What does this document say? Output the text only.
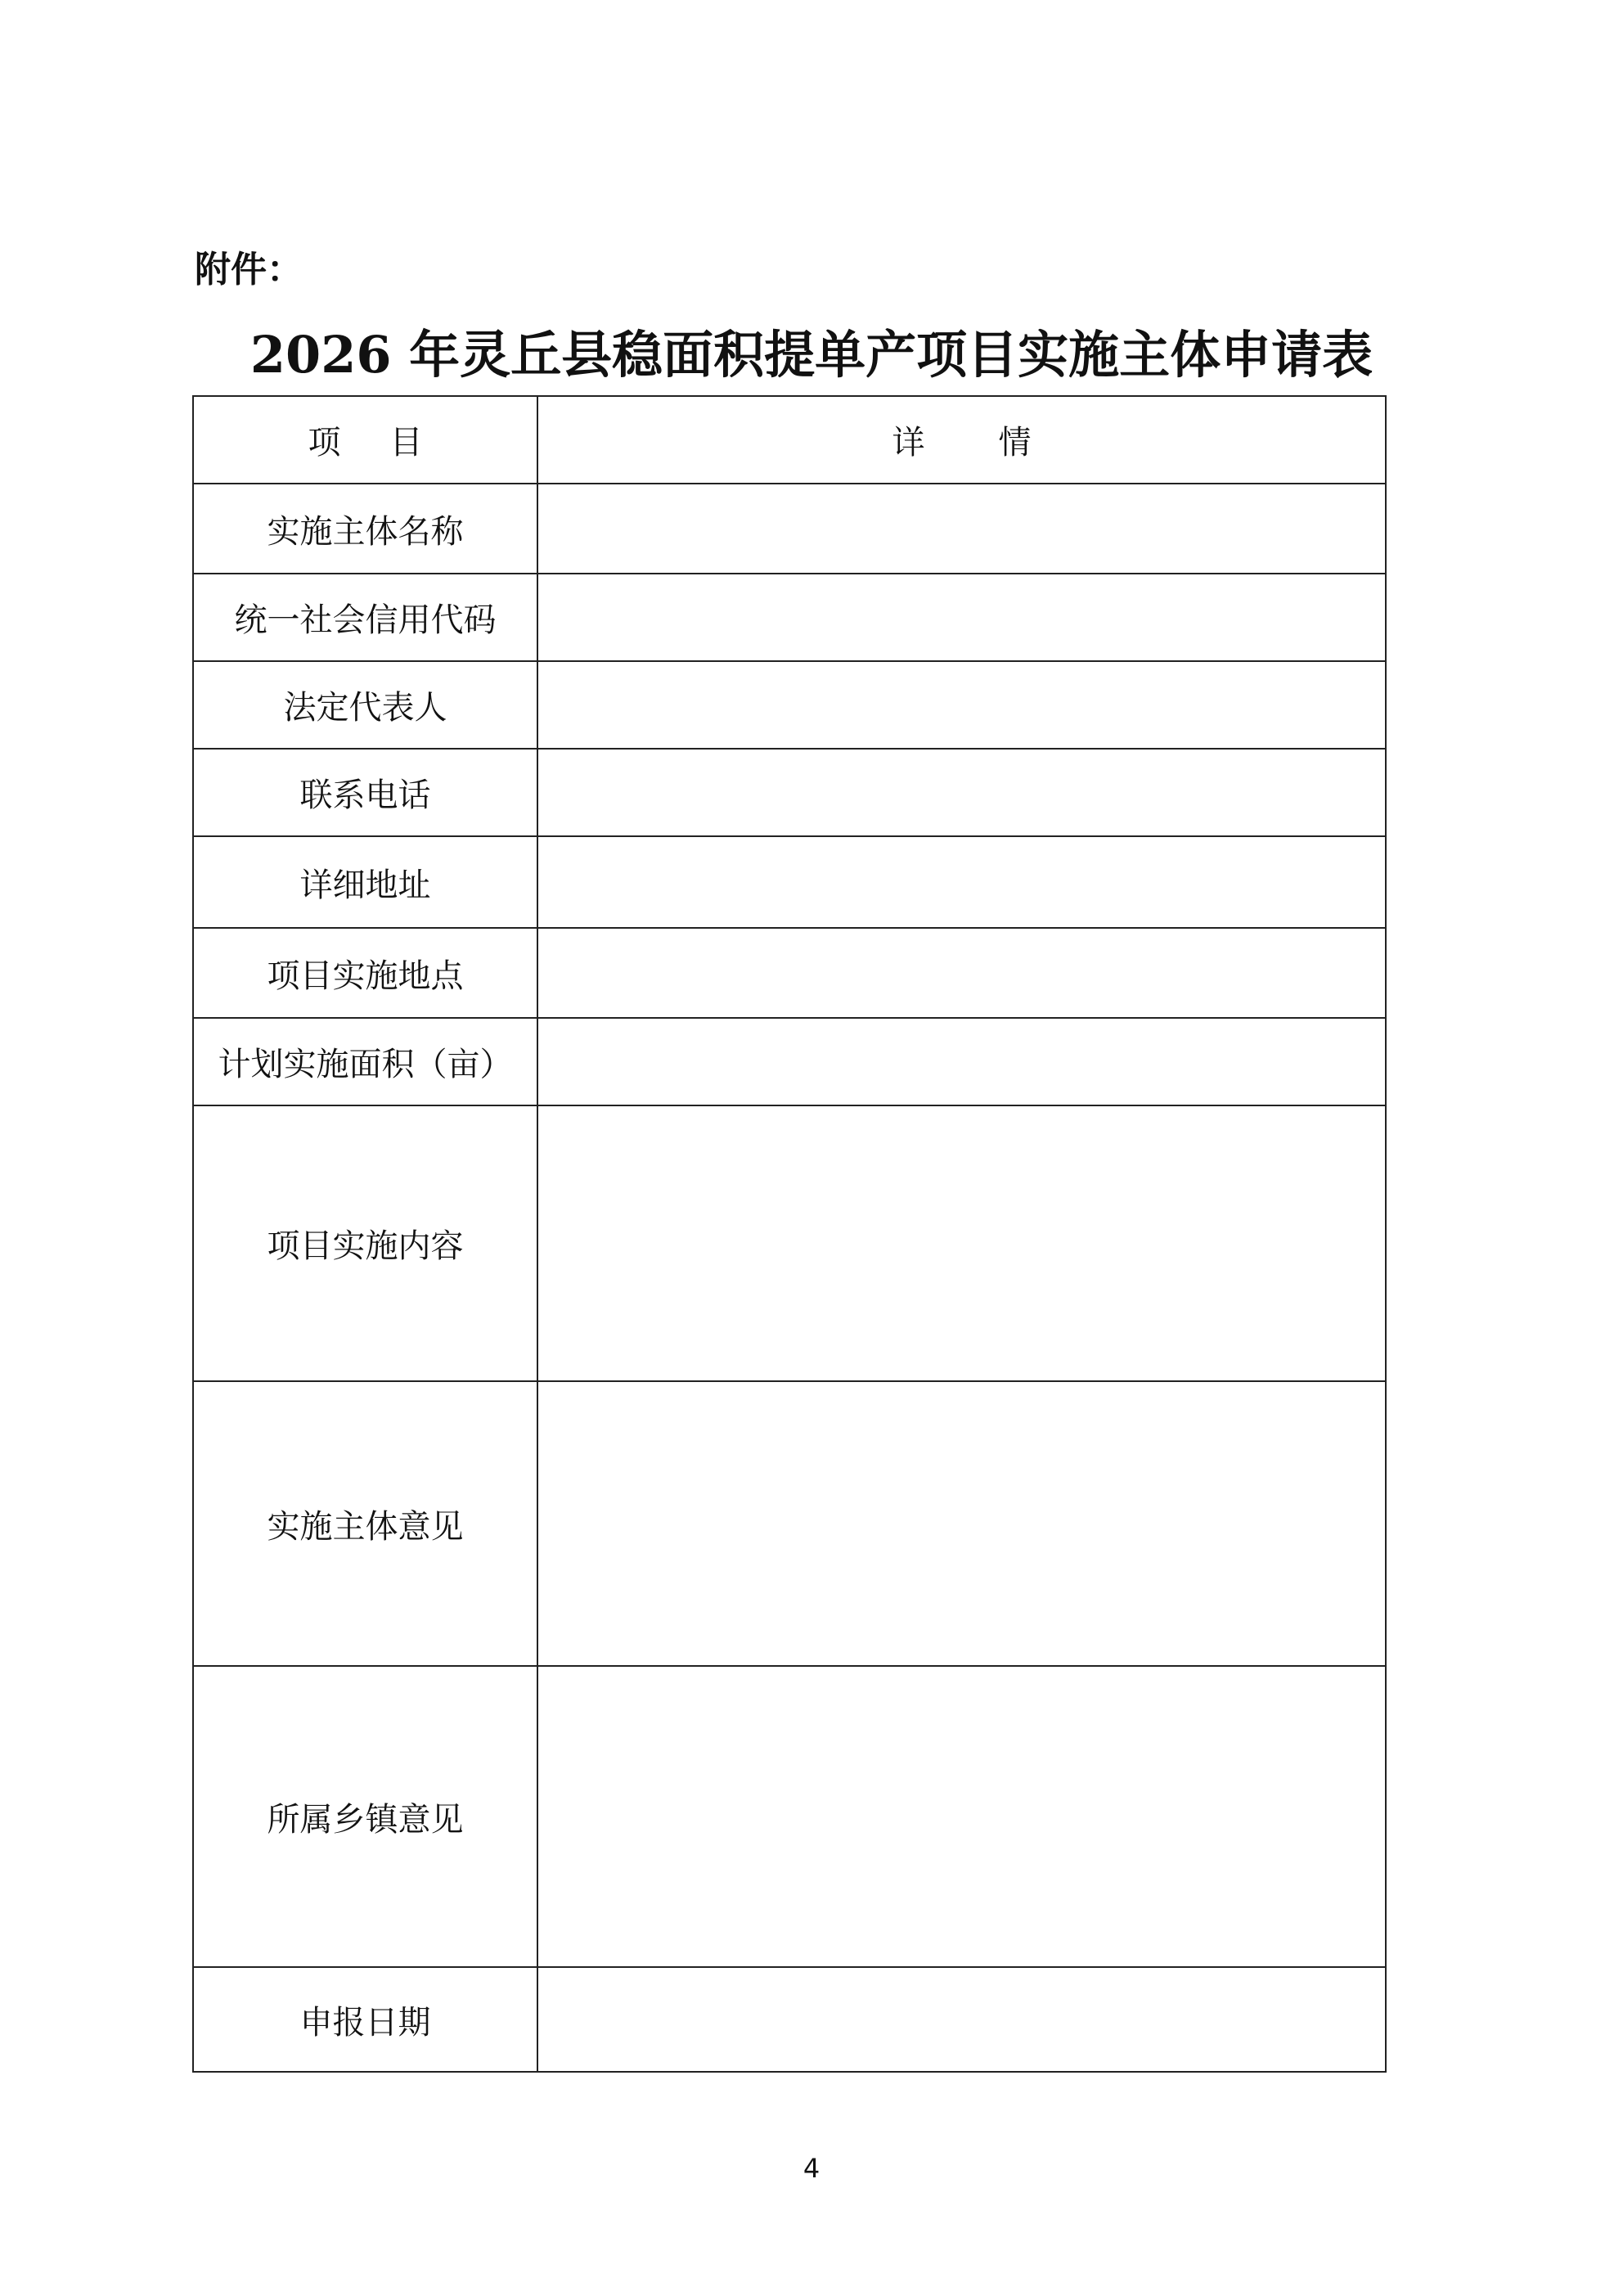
附件：
2026 年灵丘县稳面积提单产项目实施主体申请表
项 目	详 情
实施主体名称	
统一社会信用代码	
法定代表人	
联系电话	
详细地址	
项目实施地点	
计划实施面积（亩）	
项目实施内容	
实施主体意见	
所属乡镇意见	
申报日期	
4
